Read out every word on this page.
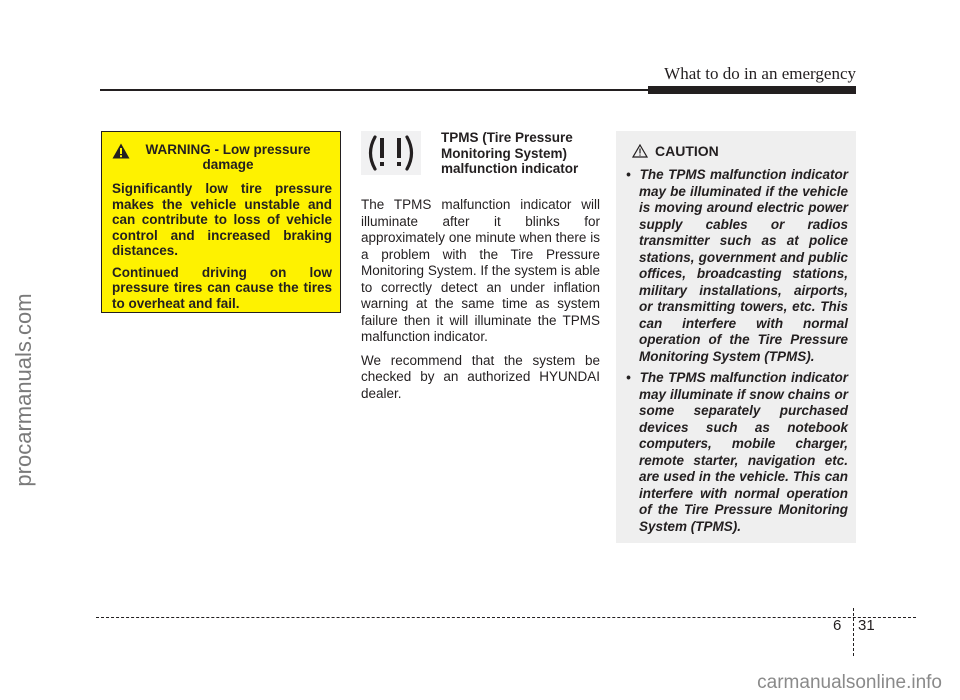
procarmanuals.com
What to do in an emergency
WARNING - Low pressure
damage

Significantly low tire pressure makes the vehicle unstable and can contribute to loss of vehicle control and increased braking distances.

Continued driving on low pressure tires can cause the tires to overheat and fail.

TPMS (Tire Pressure
Monitoring System)
malfunction indicator

The TPMS malfunction indicator will illuminate after it blinks for approximately one minute when there is a problem with the Tire Pressure Monitoring System. If the system is able to correctly detect an under inflation warning at the same time as system failure then it will illuminate the TPMS malfunction indicator.

We recommend that the system be checked by an authorized HYUNDAI dealer.

CAUTION
•  The TPMS malfunction indicator may be illuminated if the vehicle is moving around electric power supply cables or radios transmitter such as at police stations, government and public offices, broadcasting stations, military installations, airports, or transmitting towers, etc. This can interfere with normal operation of the Tire Pressure Monitoring System (TPMS).
•  The TPMS malfunction indicator may illuminate if snow chains or some separately purchased devices such as notebook computers, mobile charger, remote starter, navigation etc. are used in the vehicle. This can interfere with normal operation of the Tire Pressure Monitoring System (TPMS).
6 31
carmanualsonline.info
